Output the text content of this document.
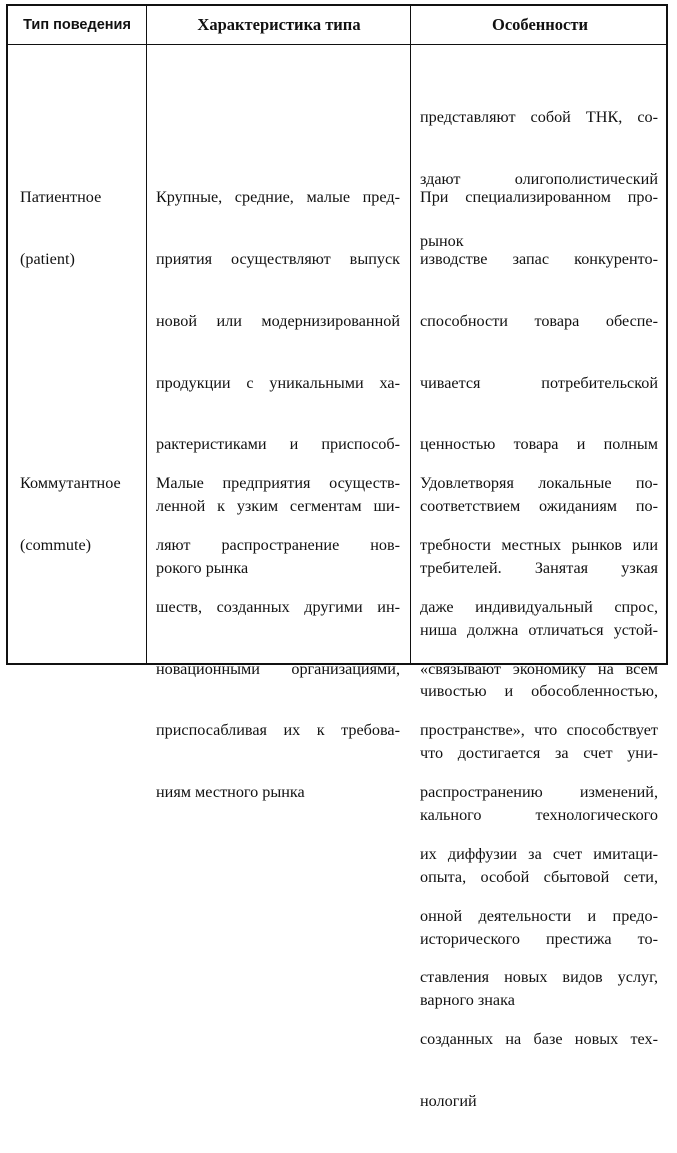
Тип поведения	Характеристика типа	Особенности

представляют собой ТНК, со-

здают олигополистический

рынок

Патиентное

(patient)

Крупные, средние, малые пред-

приятия осуществляют выпуск

новой или модернизированной

продукции с уникальными ха-

рактеристиками и приспособ-

ленной к узким сегментам ши-

рокого рынка

При специализированном про-

изводстве запас конкуренто-

способности товара обеспе-

чивается потребительской

ценностью товара и полным

соответствием ожиданиям по-

требителей. Занятая узкая

ниша должна отличаться устой-

чивостью и обособленностью,

что достигается за счет уни-

кального технологического

опыта, особой сбытовой сети,

исторического престижа то-

варного знака

Коммутантное

(commute)

Малые предприятия осуществ-

ляют распространение нов-

шеств, созданных другими ин-

новационными организациями,

приспосабливая их к требова-

ниям местного рынка

Удовлетворяя локальные по-

требности местных рынков или

даже индивидуальный спрос,

«связывают экономику на всем

пространстве», что способствует

распространению изменений,

их диффузии за счет имитаци-

онной деятельности и предо-

ставления новых видов услуг,

созданных на базе новых тех-

нологий
